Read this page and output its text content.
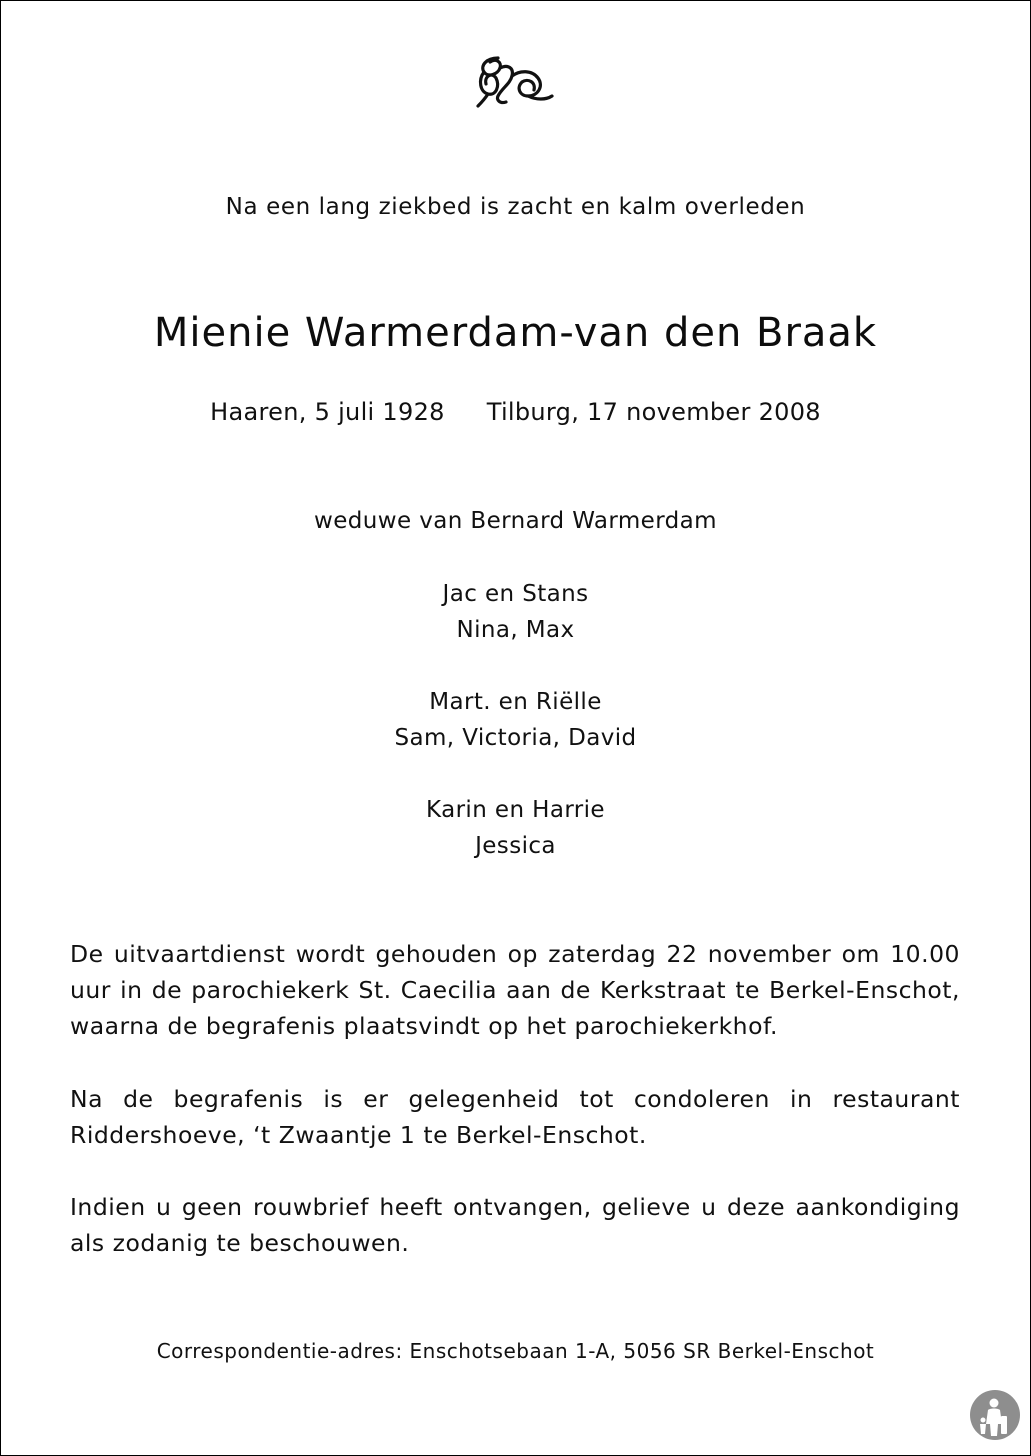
Na een lang ziekbed is zacht en kalm overleden
Mienie Warmerdam-van den Braak
Haaren, 5 juli 1928 Tilburg, 17 november 2008
weduwe van Bernard Warmerdam
Jac en Stans
Nina, Max
Mart. en Riëlle
Sam, Victoria, David
Karin en Harrie
Jessica
De uitvaartdienst wordt gehouden op zaterdag 22 november om 10.00 uur in de parochiekerk St. Caecilia aan de Kerkstraat te Berkel-Enschot, waarna de begrafenis plaatsvindt op het parochiekerkhof.
Na de begrafenis is er gelegenheid tot condoleren in restaurant Riddershoeve, ‘t Zwaantje 1 te Berkel-Enschot.
Indien u geen rouwbrief heeft ontvangen, gelieve u deze aankondiging als zodanig te beschouwen.
Correspondentie-adres: Enschotsebaan 1-A, 5056 SR Berkel-Enschot
